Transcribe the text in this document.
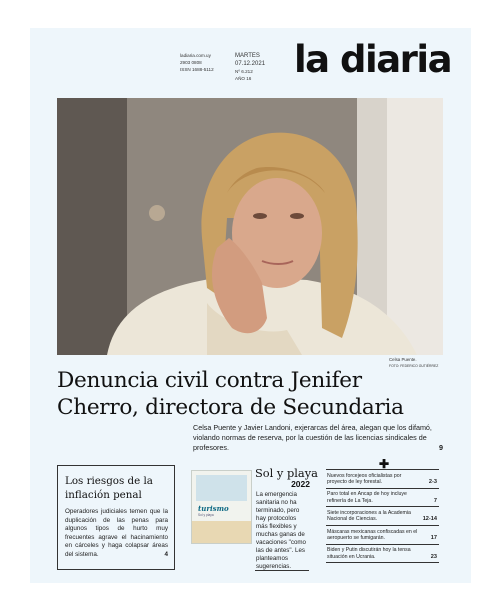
ladiaria.com.uy
2903 0808
ISSN 1688-5112
MARTES
07.12.2021
Nº 6.212
AÑO 16	la diaria
Celsa Puente.
FOTO: FEDERICO GUTIÉRREZ
Denuncia civil contra Jenifer Cherro, directora de Secundaria

Celsa Puente y Javier Landoni, exjerarcas del área, alegan que los difamó, violando normas de reserva, por la cuestión de las licencias sindicales de profesores.	9

Los riesgos de la inflación penal
Operadores judiciales temen que la duplicación de las penas para algunos tipos de hurto muy frecuentes agrave el hacinamiento en cárceles y haga colapsar áreas del sistema.	4
turismo
Sol y playa
Sol y playa
2022
La emergencia sanitaria no ha terminado, pero hay protocolos más flexibles y muchas ganas de vacaciones "como las de antes". Les planteamos sugerencias.
✚
Nuevos forcejeos oficialistas por proyecto de ley forestal.	2-3
Paro total en Ancap de hoy incluye refinería de La Teja.	7
Siete incorporaciones a la Academia Nacional de Ciencias.	12-14
Máscaras mexicanas confiscadas en el aeropuerto se fumigarán.	17
Biden y Putin discutirán hoy la tensa situación en Ucrania.	23
